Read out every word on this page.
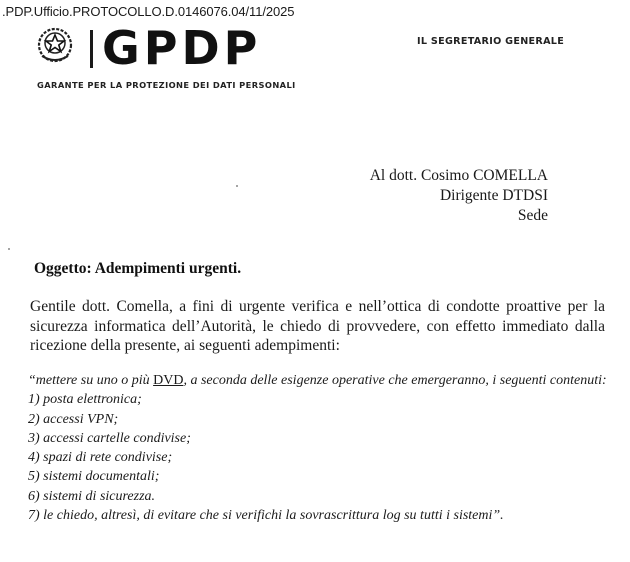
.PDP.Ufficio.PROTOCOLLO.D.0146076.04/11/2025
GPDP
GARANTE PER LA PROTEZIONE DEI DATI PERSONALI
IL SEGRETARIO GENERALE
Al dott. Cosimo COMELLA
Dirigente DTDSI
Sede
Oggetto: Adempimenti urgenti.
Gentile dott. Comella, a fini di urgente verifica e nell’ottica di condotte proattive per la sicurezza informatica dell’Autorità, le chiedo di provvedere, con effetto immediato dalla ricezione della presente, ai seguenti adempimenti:
“mettere su uno o più DVD, a seconda delle esigenze operative che emergeranno, i seguenti contenuti:
1) posta elettronica;
2) accessi VPN;
3) accessi cartelle condivise;
4) spazi di rete condivise;
5) sistemi documentali;
6) sistemi di sicurezza.
7) le chiedo, altresì, di evitare che si verifichi la sovrascrittura log su tutti i sistemi”.
